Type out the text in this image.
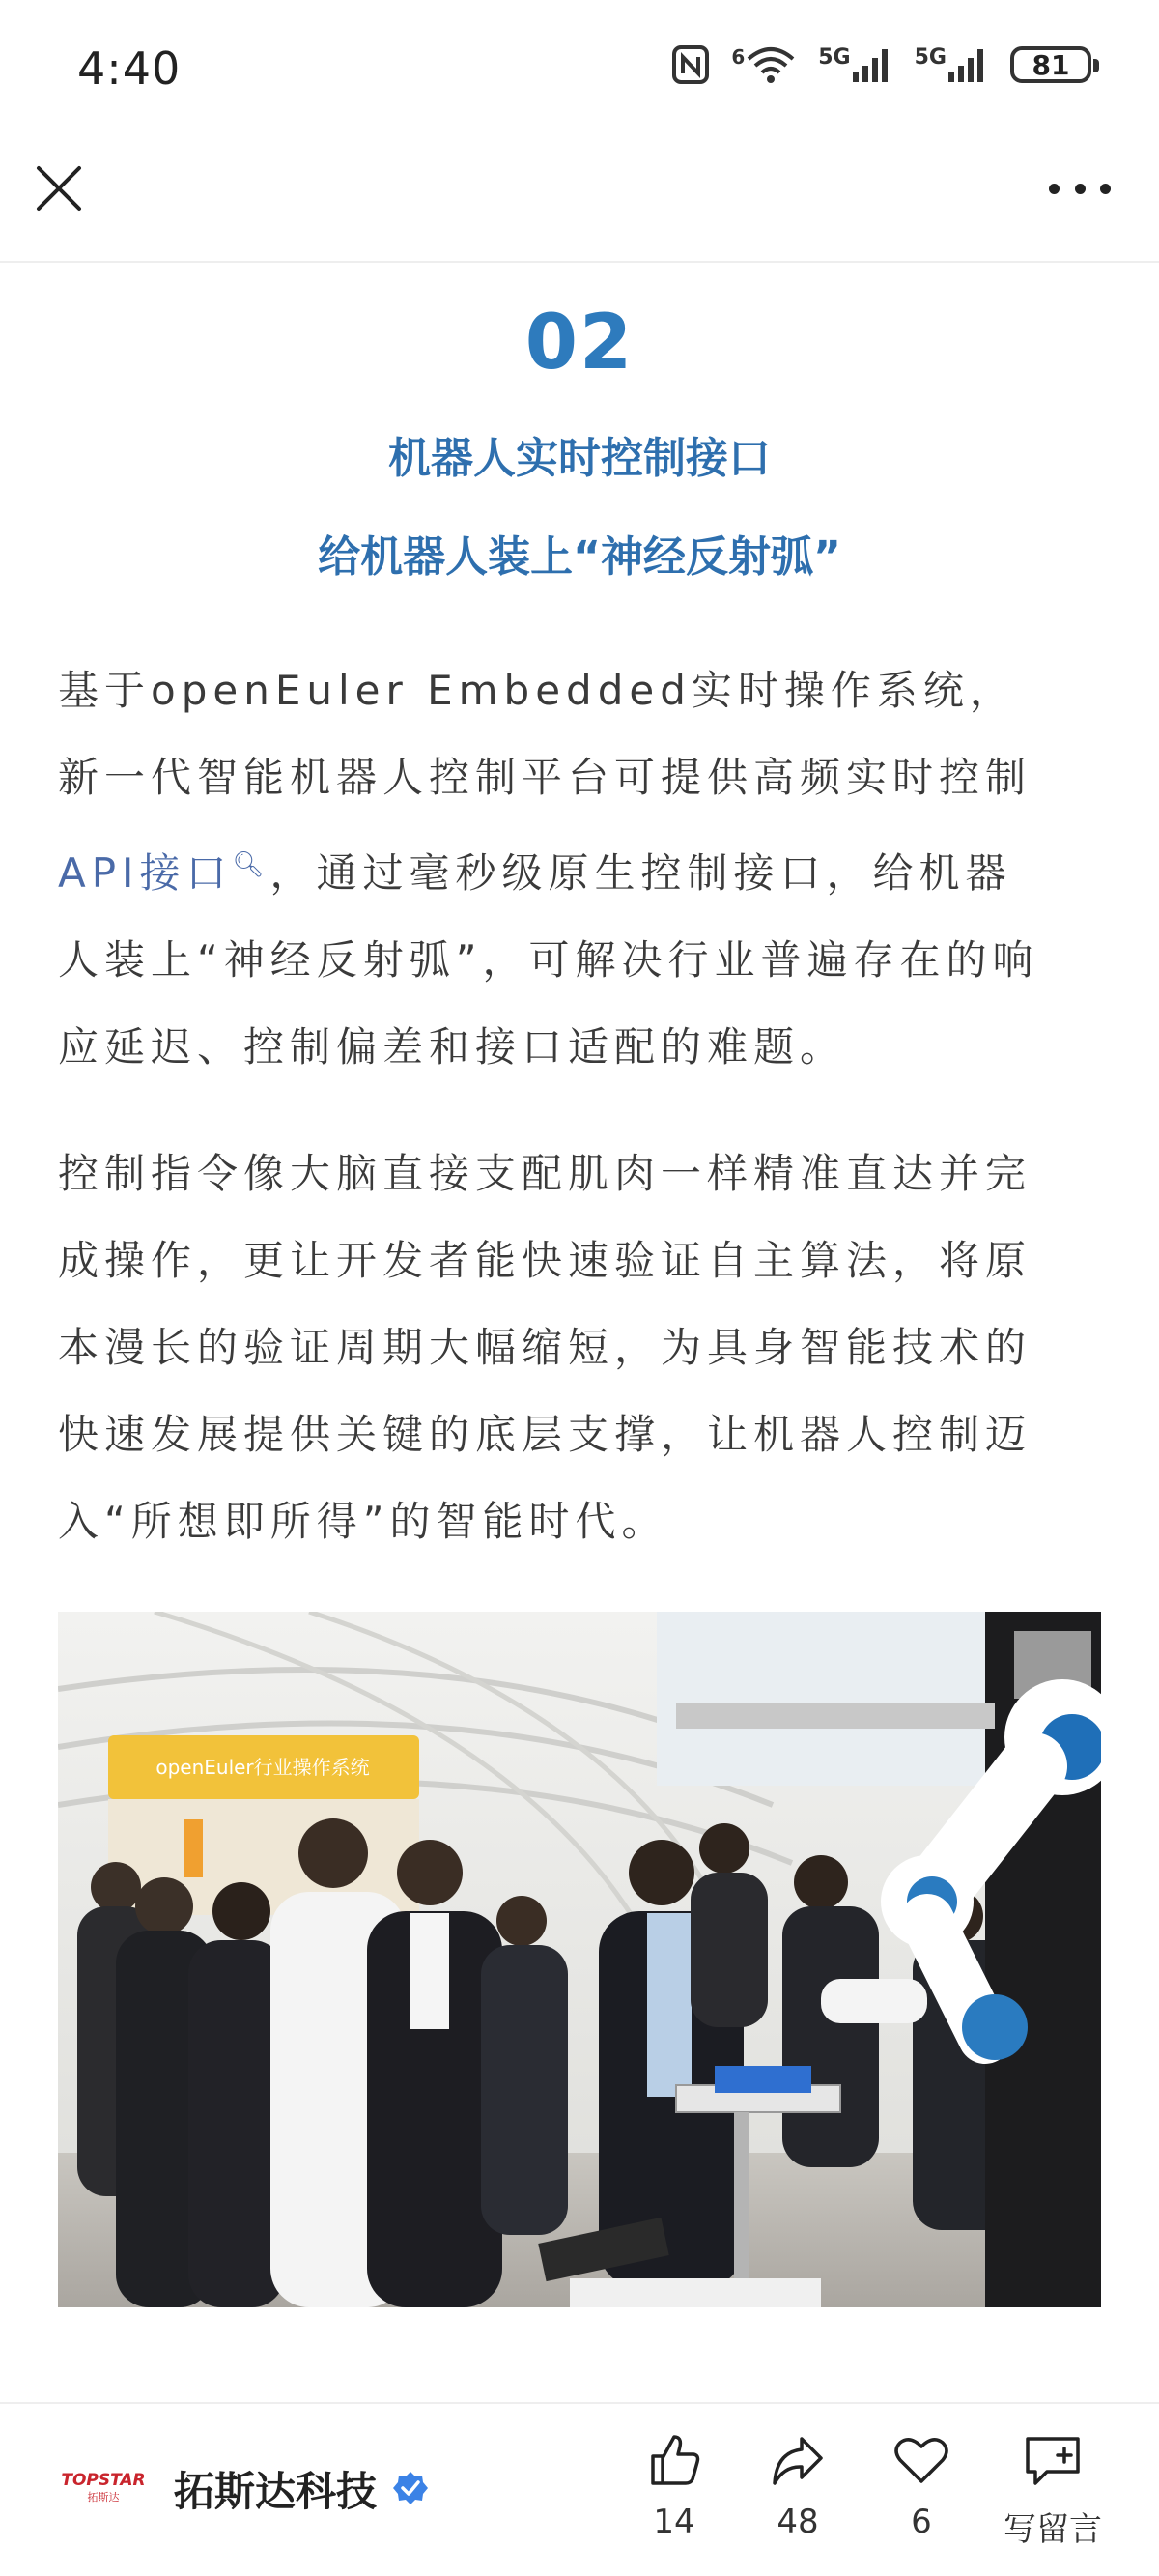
4:40	6	5G	5G	81
02
机器人实时控制接口
给机器人装上“神经反射弧”
基于openEuler Embedded实时操作系统，
新一代智能机器人控制平台可提供高频实时控制
API接口🔍︎，通过毫秒级原生控制接口，给机器
人装上“神经反射弧”，可解决行业普遍存在的响
应延迟、控制偏差和接口适配的难题。
控制指令像大脑直接支配肌肉一样精准直达并完
成操作，更让开发者能快速验证自主算法，将原
本漫长的验证周期大幅缩短，为具身智能技术的
快速发展提供关键的底层支撑，让机器人控制迈
入“所想即所得”的智能时代。
openEuler行业操作系统
TOPSTAR
拓斯达 拓斯达科技
14	48	6	写留言
